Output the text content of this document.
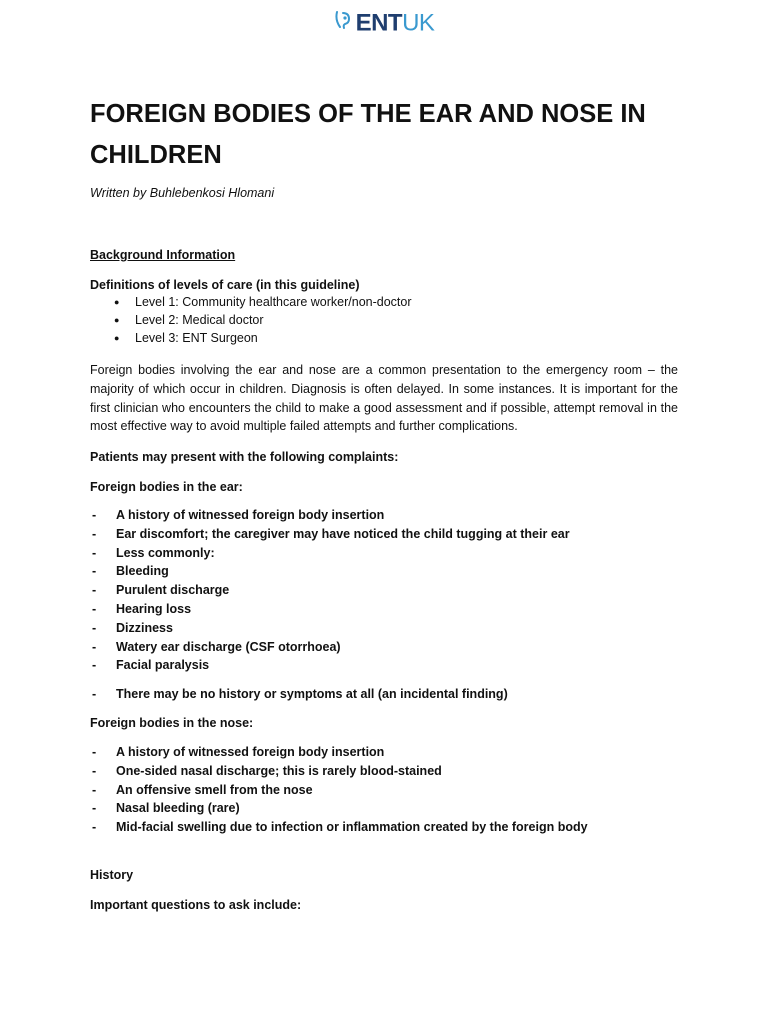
ENTUK
FOREIGN BODIES OF THE EAR AND NOSE IN CHILDREN
Written by Buhlebenkosi Hlomani
Background Information
Definitions of levels of care (in this guideline)
● Level 1: Community healthcare worker/non-doctor
● Level 2: Medical doctor
● Level 3: ENT Surgeon
Foreign bodies involving the ear and nose are a common presentation to the emergency room – the majority of which occur in children. Diagnosis is often delayed. In some instances. It is important for the first clinician who encounters the child to make a good assessment and if possible, attempt removal in the most effective way to avoid multiple failed attempts and further complications.
Patients may present with the following complaints:
Foreign bodies in the ear:
- A history of witnessed foreign body insertion
- Ear discomfort; the caregiver may have noticed the child tugging at their ear
- Less commonly:
- Bleeding
- Purulent discharge
- Hearing loss
- Dizziness
- Watery ear discharge (CSF otorrhoea)
- Facial paralysis
- There may be no history or symptoms at all (an incidental finding)
Foreign bodies in the nose:
- A history of witnessed foreign body insertion
- One-sided nasal discharge; this is rarely blood-stained
- An offensive smell from the nose
- Nasal bleeding (rare)
- Mid-facial swelling due to infection or inflammation created by the foreign body
History
Important questions to ask include:
